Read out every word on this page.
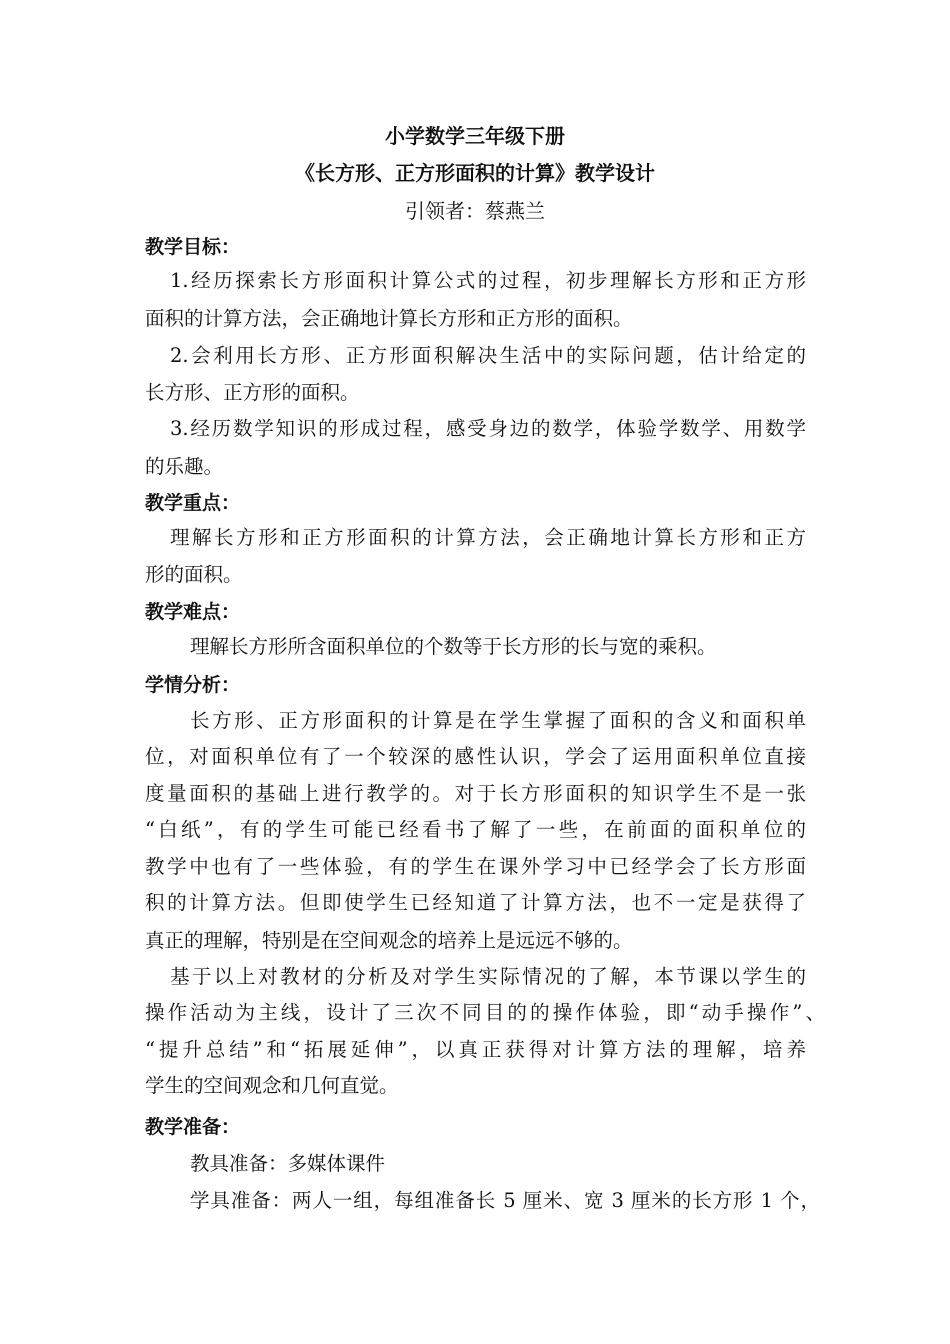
小学数学三年级下册
《长方形、正方形面积的计算》教学设计
引领者：蔡燕兰
教学目标：
1.经历探索长方形面积计算公式的过程，初步理解长方形和正方形
面积的计算方法，会正确地计算长方形和正方形的面积。
2.会利用长方形、正方形面积解决生活中的实际问题，估计给定的
长方形、正方形的面积。
3.经历数学知识的形成过程，感受身边的数学，体验学数学、用数学
的乐趣。
教学重点：
理解长方形和正方形面积的计算方法，会正确地计算长方形和正方
形的面积。
教学难点：
理解长方形所含面积单位的个数等于长方形的长与宽的乘积。
学情分析：
长方形、正方形面积的计算是在学生掌握了面积的含义和面积单
位，对面积单位有了一个较深的感性认识，学会了运用面积单位直接
度量面积的基础上进行教学的。对于长方形面积的知识学生不是一张
“白纸”，有的学生可能已经看书了解了一些，在前面的面积单位的
教学中也有了一些体验，有的学生在课外学习中已经学会了长方形面
积的计算方法。但即使学生已经知道了计算方法，也不一定是获得了
真正的理解，特别是在空间观念的培养上是远远不够的。
基于以上对教材的分析及对学生实际情况的了解，本节课以学生的
操作活动为主线，设计了三次不同目的的操作体验，即“动手操作”、
“提升总结”和“拓展延伸”，以真正获得对计算方法的理解，培养
学生的空间观念和几何直觉。
教学准备：
教具准备：多媒体课件
学具准备：两人一组，每组准备长 5 厘米、宽 3 厘米的长方形 1 个，
